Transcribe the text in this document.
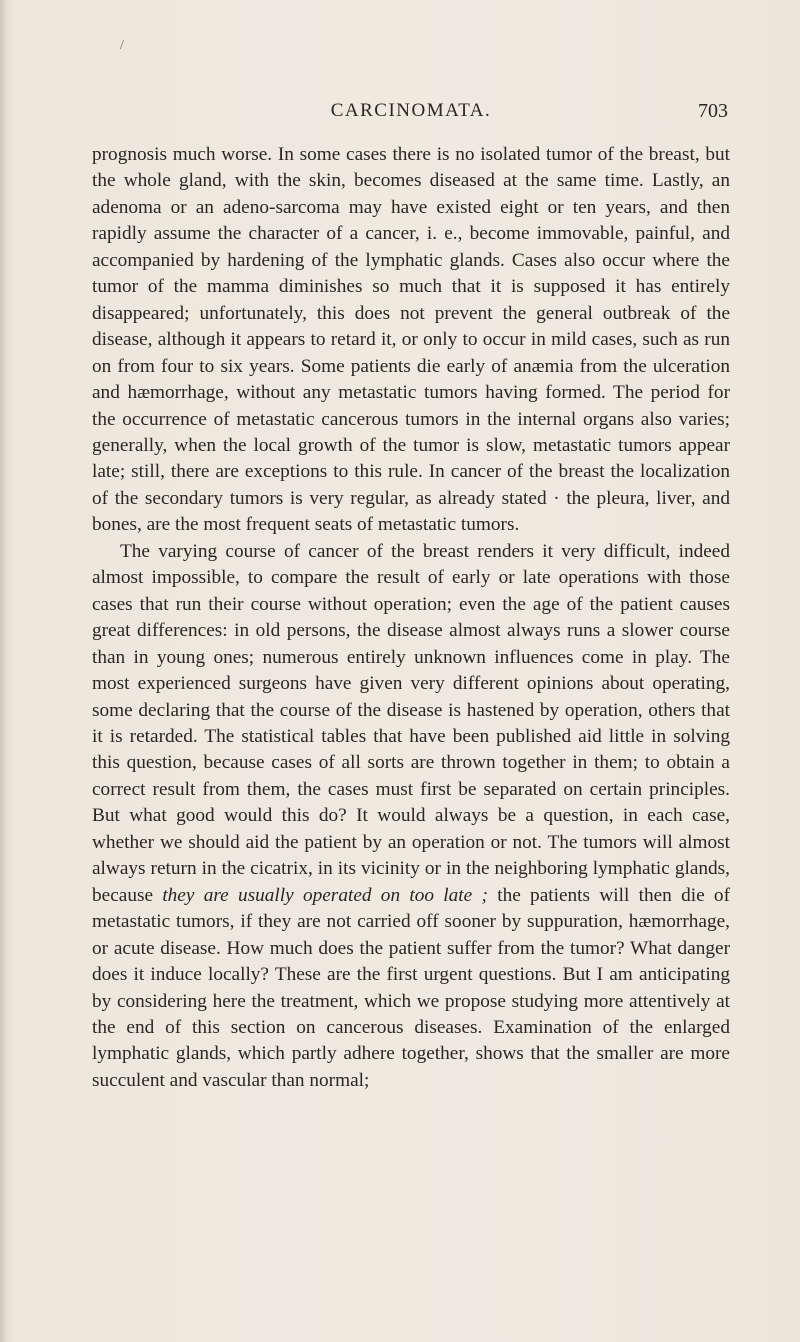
/
CARCINOMATA.	703

prognosis much worse. In some cases there is no isolated tumor of the breast, but the whole gland, with the skin, becomes diseased at the same time. Lastly, an adenoma or an adeno-sarcoma may have existed eight or ten years, and then rapidly assume the character of a cancer, i. e., become immovable, painful, and accompanied by hardening of the lymphatic glands. Cases also occur where the tumor of the mamma diminishes so much that it is supposed it has entirely disappeared; unfortunately, this does not prevent the general outbreak of the disease, although it appears to retard it, or only to occur in mild cases, such as run on from four to six years. Some patients die early of anæmia from the ulceration and hæmorrhage, without any metastatic tumors having formed. The period for the occurrence of metastatic cancerous tumors in the internal organs also varies; generally, when the local growth of the tumor is slow, metastatic tumors appear late; still, there are exceptions to this rule. In cancer of the breast the localization of the secondary tumors is very regular, as already stated · the pleura, liver, and bones, are the most frequent seats of metastatic tumors.

The varying course of cancer of the breast renders it very difficult, indeed almost impossible, to compare the result of early or late operations with those cases that run their course without operation; even the age of the patient causes great differences: in old persons, the disease almost always runs a slower course than in young ones; numerous entirely unknown influences come in play. The most experienced surgeons have given very different opinions about operating, some declaring that the course of the disease is hastened by operation, others that it is retarded. The statistical tables that have been published aid little in solving this question, because cases of all sorts are thrown together in them; to obtain a correct result from them, the cases must first be separated on certain principles. But what good would this do? It would always be a question, in each case, whether we should aid the patient by an operation or not. The tumors will almost always return in the cicatrix, in its vicinity or in the neighboring lymphatic glands, because they are usually operated on too late ; the patients will then die of metastatic tumors, if they are not carried off sooner by suppuration, hæmorrhage, or acute disease. How much does the patient suffer from the tumor? What danger does it induce locally? These are the first urgent questions. But I am anticipating by considering here the treatment, which we propose studying more attentively at the end of this section on cancerous diseases. Examination of the enlarged lymphatic glands, which partly adhere together, shows that the smaller are more succulent and vascular than normal;
